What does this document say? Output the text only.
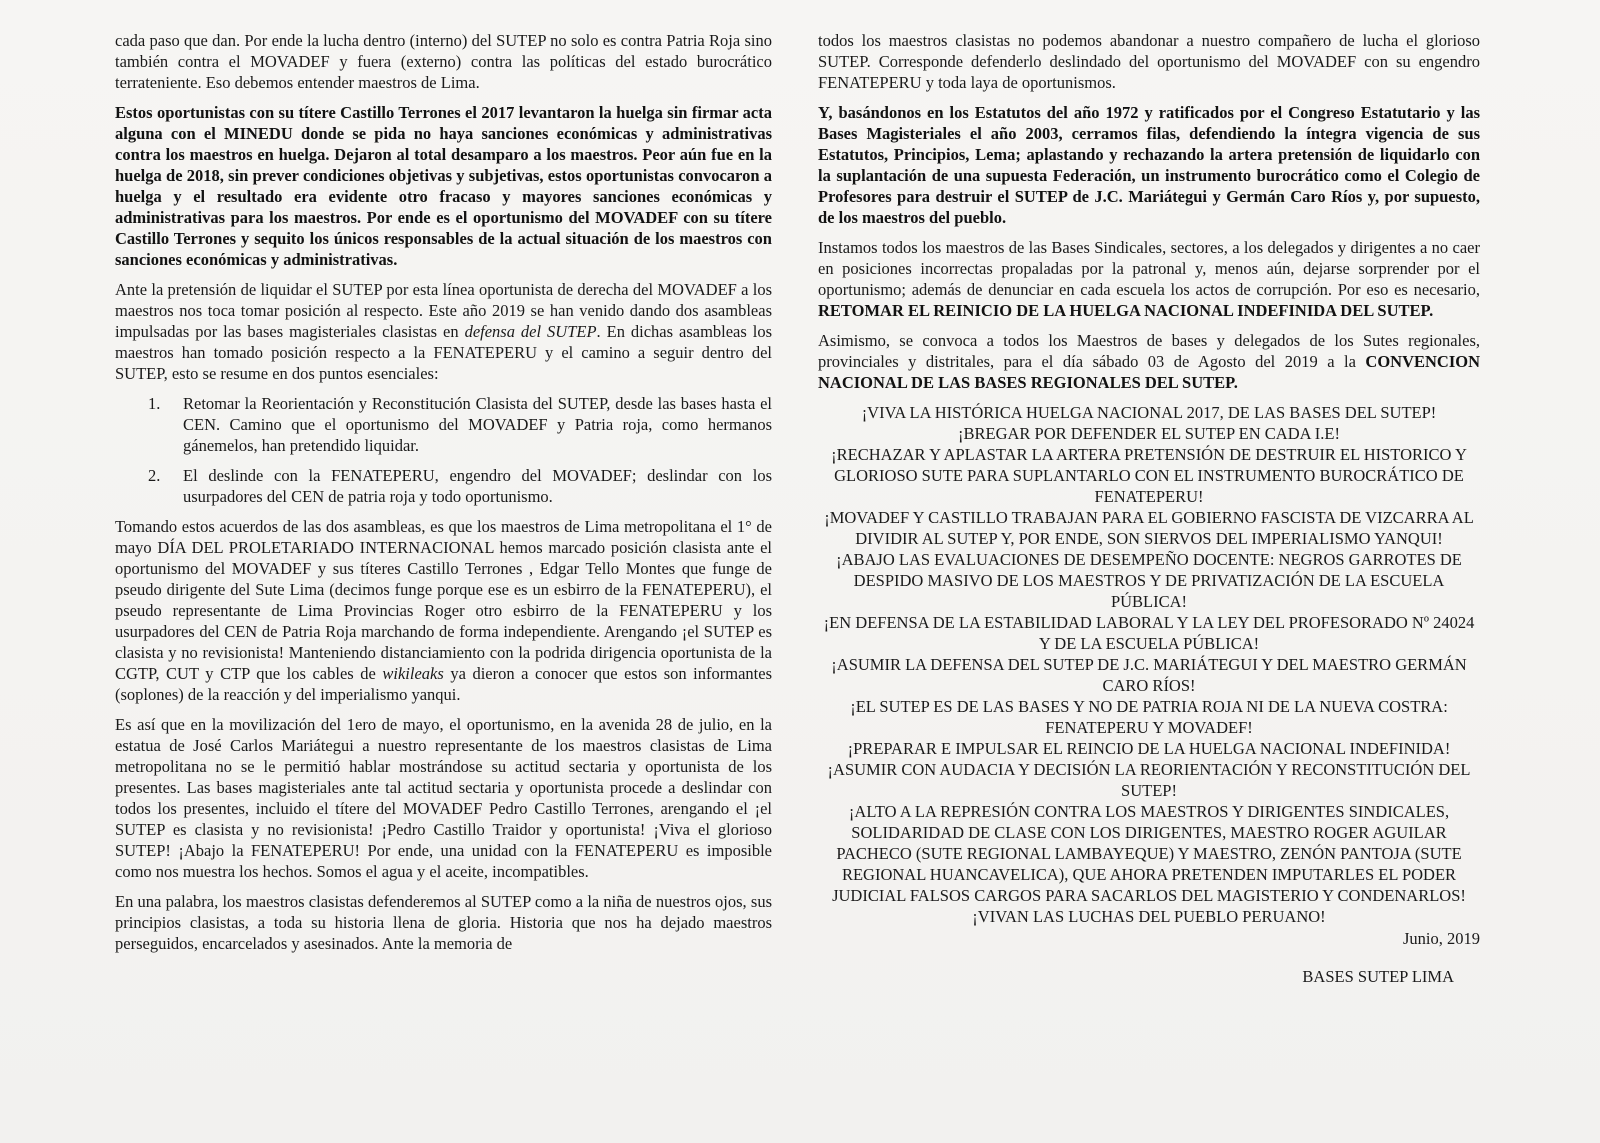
cada paso que dan. Por ende la lucha dentro (interno) del SUTEP no solo es contra Patria Roja sino también contra el MOVADEF y fuera (externo) contra las políticas del estado burocrático terrateniente. Eso debemos entender maestros de Lima.

Estos oportunistas con su títere Castillo Terrones el 2017 levantaron la huelga sin firmar acta alguna con el MINEDU donde se pida no haya sanciones económicas y administrativas contra los maestros en huelga. Dejaron al total desamparo a los maestros. Peor aún fue en la huelga de 2018, sin prever condiciones objetivas y subjetivas, estos oportunistas convocaron a huelga y el resultado era evidente otro fracaso y mayores sanciones económicas y administrativas para los maestros. Por ende es el oportunismo del MOVADEF con su títere Castillo Terrones y sequito los únicos responsables de la actual situación de los maestros con sanciones económicas y administrativas.

Ante la pretensión de liquidar el SUTEP por esta línea oportunista de derecha del MOVADEF a los maestros nos toca tomar posición al respecto. Este año 2019 se han venido dando dos asambleas impulsadas por las bases magisteriales clasistas en defensa del SUTEP. En dichas asambleas los maestros han tomado posición respecto a la FENATEPERU y el camino a seguir dentro del SUTEP, esto se resume en dos puntos esenciales:

1.	Retomar la Reorientación y Reconstitución Clasista del SUTEP, desde las bases hasta el CEN. Camino que el oportunismo del MOVADEF y Patria roja, como hermanos gánemelos, han pretendido liquidar.
2.	El deslinde con la FENATEPERU, engendro del MOVADEF; deslindar con los usurpadores del CEN de patria roja y todo oportunismo.

Tomando estos acuerdos de las dos asambleas, es que los maestros de Lima metropolitana el 1° de mayo DÍA DEL PROLETARIADO INTERNACIONAL hemos marcado posición clasista ante el oportunismo del MOVADEF y sus títeres Castillo Terrones , Edgar Tello Montes que funge de pseudo dirigente del Sute Lima (decimos funge porque ese es un esbirro de la FENATEPERU), el pseudo representante de Lima Provincias Roger otro esbirro de la FENATEPERU y los usurpadores del CEN de Patria Roja marchando de forma independiente. Arengando ¡el SUTEP es clasista y no revisionista! Manteniendo distanciamiento con la podrida dirigencia oportunista de la CGTP, CUT y CTP que los cables de wikileaks ya dieron a conocer que estos son informantes (soplones) de la reacción y del imperialismo yanqui.

Es así que en la movilización del 1ero de mayo, el oportunismo, en la avenida 28 de julio, en la estatua de José Carlos Mariátegui a nuestro representante de los maestros clasistas de Lima metropolitana no se le permitió hablar mostrándose su actitud sectaria y oportunista de los presentes. Las bases magisteriales ante tal actitud sectaria y oportunista procede a deslindar con todos los presentes, incluido el títere del MOVADEF Pedro Castillo Terrones, arengando el ¡el SUTEP es clasista y no revisionista! ¡Pedro Castillo Traidor y oportunista! ¡Viva el glorioso SUTEP! ¡Abajo la FENATEPERU! Por ende, una unidad con la FENATEPERU es imposible como nos muestra los hechos. Somos el agua y el aceite, incompatibles.

En una palabra, los maestros clasistas defenderemos al SUTEP como a la niña de nuestros ojos, sus principios clasistas, a toda su historia llena de gloria. Historia que nos ha dejado maestros perseguidos, encarcelados y asesinados. Ante la memoria de

todos los maestros clasistas no podemos abandonar a nuestro compañero de lucha el glorioso SUTEP. Corresponde defenderlo deslindado del oportunismo del MOVADEF con su engendro FENATEPERU y toda laya de oportunismos.

Y, basándonos en los Estatutos del año 1972 y ratificados por el Congreso Estatutario y las Bases Magisteriales el año 2003, cerramos filas, defendiendo la íntegra vigencia de sus Estatutos, Principios, Lema; aplastando y rechazando la artera pretensión de liquidarlo con la suplantación de una supuesta Federación, un instrumento burocrático como el Colegio de Profesores para destruir el SUTEP de J.C. Mariátegui y Germán Caro Ríos y, por supuesto, de los maestros del pueblo.

Instamos todos los maestros de las Bases Sindicales, sectores, a los delegados y dirigentes a no caer en posiciones incorrectas propaladas por la patronal y, menos aún, dejarse sorprender por el oportunismo; además de denunciar en cada escuela los actos de corrupción. Por eso es necesario, RETOMAR EL REINICIO DE LA HUELGA NACIONAL INDEFINIDA DEL SUTEP.

Asimismo, se convoca a todos los Maestros de bases y delegados de los Sutes regionales, provinciales y distritales, para el día sábado 03 de Agosto del 2019 a la CONVENCION NACIONAL DE LAS BASES REGIONALES DEL SUTEP.

¡VIVA LA HISTÓRICA HUELGA NACIONAL 2017, DE LAS BASES DEL SUTEP!

¡BREGAR POR DEFENDER EL SUTEP EN CADA I.E!

¡RECHAZAR Y APLASTAR LA ARTERA PRETENSIÓN DE DESTRUIR EL HISTORICO Y GLORIOSO SUTE PARA SUPLANTARLO CON EL INSTRUMENTO BUROCRÁTICO DE FENATEPERU!

¡MOVADEF Y CASTILLO TRABAJAN PARA EL GOBIERNO FASCISTA DE VIZCARRA AL DIVIDIR AL SUTEP Y, POR ENDE, SON SIERVOS DEL IMPERIALISMO YANQUI!

¡ABAJO LAS EVALUACIONES DE DESEMPEÑO DOCENTE: NEGROS GARROTES DE DESPIDO MASIVO DE LOS MAESTROS Y DE PRIVATIZACIÓN DE LA ESCUELA PÚBLICA!

¡EN DEFENSA DE LA ESTABILIDAD LABORAL Y LA LEY DEL PROFESORADO Nº 24024 Y DE LA ESCUELA PÚBLICA!

¡ASUMIR LA DEFENSA DEL SUTEP DE J.C. MARIÁTEGUI Y DEL MAESTRO GERMÁN CARO RÍOS!

¡EL SUTEP ES DE LAS BASES Y NO DE PATRIA ROJA NI DE LA NUEVA COSTRA: FENATEPERU Y MOVADEF!

¡PREPARAR E IMPULSAR EL REINCIO DE LA HUELGA NACIONAL INDEFINIDA!

¡ASUMIR CON AUDACIA Y DECISIÓN LA REORIENTACIÓN Y RECONSTITUCIÓN DEL SUTEP!

¡ALTO A LA REPRESIÓN CONTRA LOS MAESTROS Y DIRIGENTES SINDICALES, SOLIDARIDAD DE CLASE CON LOS DIRIGENTES, MAESTRO ROGER AGUILAR PACHECO (SUTE REGIONAL LAMBAYEQUE) Y MAESTRO, ZENÓN PANTOJA (SUTE REGIONAL HUANCAVELICA), QUE AHORA PRETENDEN IMPUTARLES EL PODER JUDICIAL FALSOS CARGOS PARA SACARLOS DEL MAGISTERIO Y CONDENARLOS!

¡VIVAN LAS LUCHAS DEL PUEBLO PERUANO!

Junio, 2019

BASES SUTEP LIMA
